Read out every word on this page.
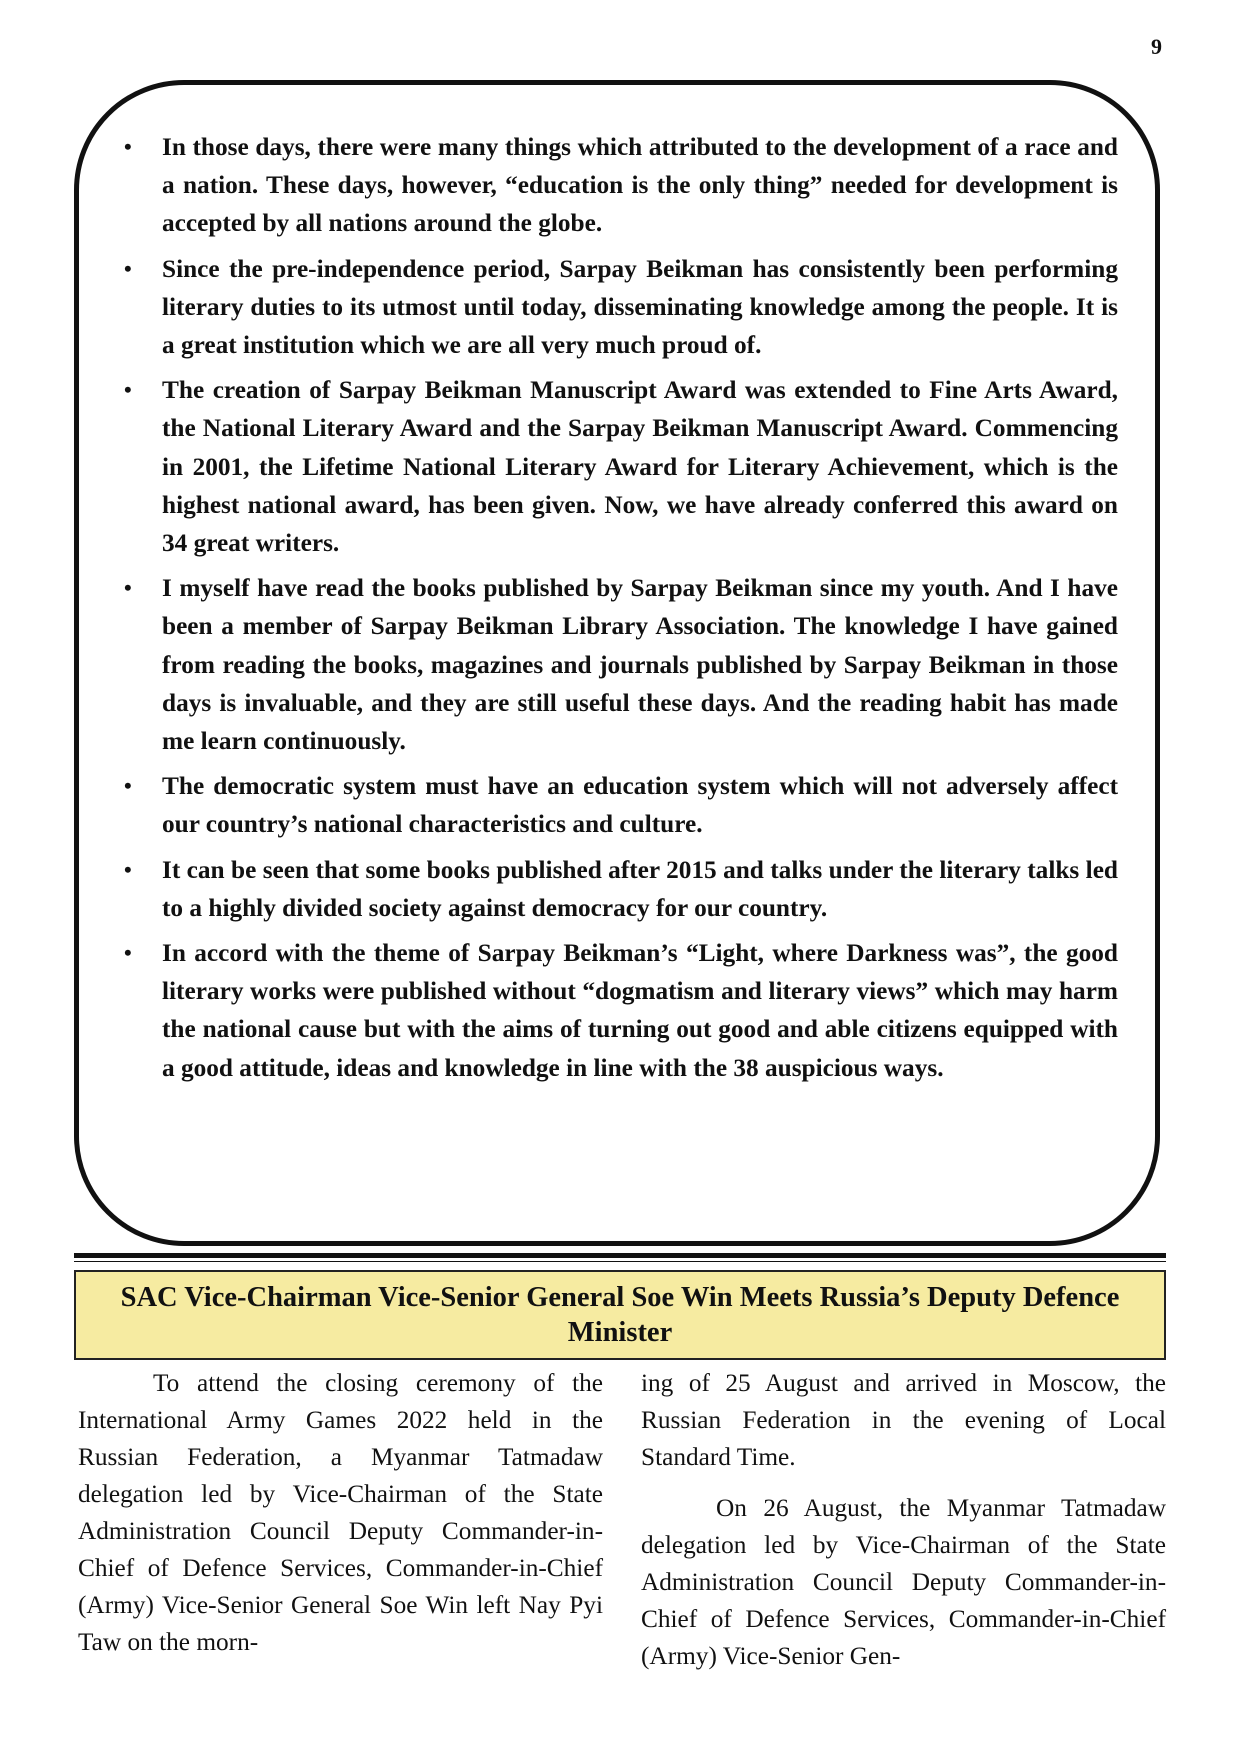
9
• In those days, there were many things which attributed to the development of a race and a nation. These days, however, “education is the only thing” needed for development is accepted by all nations around the globe.
• Since the pre-independence period, Sarpay Beikman has consistently been performing literary duties to its utmost until today, disseminating knowledge among the people. It is a great institution which we are all very much proud of.
• The creation of Sarpay Beikman Manuscript Award was extended to Fine Arts Award, the National Literary Award and the Sarpay Beikman Manuscript Award. Commencing in 2001, the Lifetime National Literary Award for Literary Achievement, which is the highest national award, has been given. Now, we have already conferred this award on 34 great writers.
• I myself have read the books published by Sarpay Beikman since my youth. And I have been a member of Sarpay Beikman Library Association. The knowledge I have gained from reading the books, magazines and journals published by Sarpay Beikman in those days is invaluable, and they are still useful these days. And the reading habit has made me learn continuously.
• The democratic system must have an education system which will not adversely affect our country’s national characteristics and culture.
• It can be seen that some books published after 2015 and talks under the literary talks led to a highly divided society against democracy for our country.
• In accord with the theme of Sarpay Beikman’s “Light, where Darkness was”, the good literary works were published without “dogmatism and literary views” which may harm the national cause but with the aims of turning out good and able citizens equipped with a good attitude, ideas and knowledge in line with the 38 auspicious ways.
SAC Vice-Chairman Vice-Senior General Soe Win Meets Russia’s Deputy Defence Minister

To attend the closing ceremony of the International Army Games 2022 held in the Russian Federation, a Myanmar Tatmadaw delegation led by Vice-Chairman of the State Administration Council Deputy Commander-in-Chief of Defence Services, Commander-in-Chief (Army) Vice-Senior General Soe Win left Nay Pyi Taw on the morn-

ing of 25 August and arrived in Moscow, the Russian Federation in the evening of Local Standard Time.

On 26 August, the Myanmar Tatmadaw delegation led by Vice-Chairman of the State Administration Council Deputy Commander-in-Chief of Defence Services, Commander-in-Chief (Army) Vice-Senior Gen-
